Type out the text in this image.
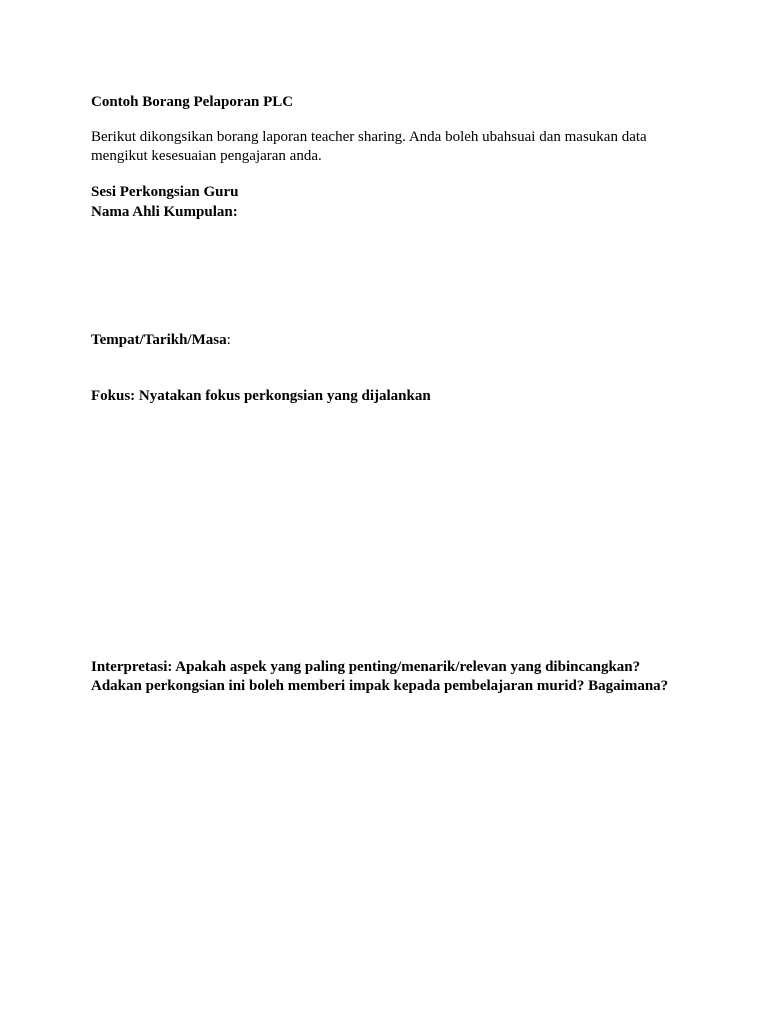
Contoh Borang Pelaporan PLC
Berikut dikongsikan borang laporan teacher sharing. Anda boleh ubahsuai dan masukan data
mengikut kesesuaian pengajaran anda.
Sesi Perkongsian Guru
Nama Ahli Kumpulan:
Tempat/Tarikh/Masa:
Fokus: Nyatakan fokus perkongsian yang dijalankan
Interpretasi: Apakah aspek yang paling penting/menarik/relevan yang dibincangkan?
Adakan perkongsian ini boleh memberi impak kepada pembelajaran murid? Bagaimana?
